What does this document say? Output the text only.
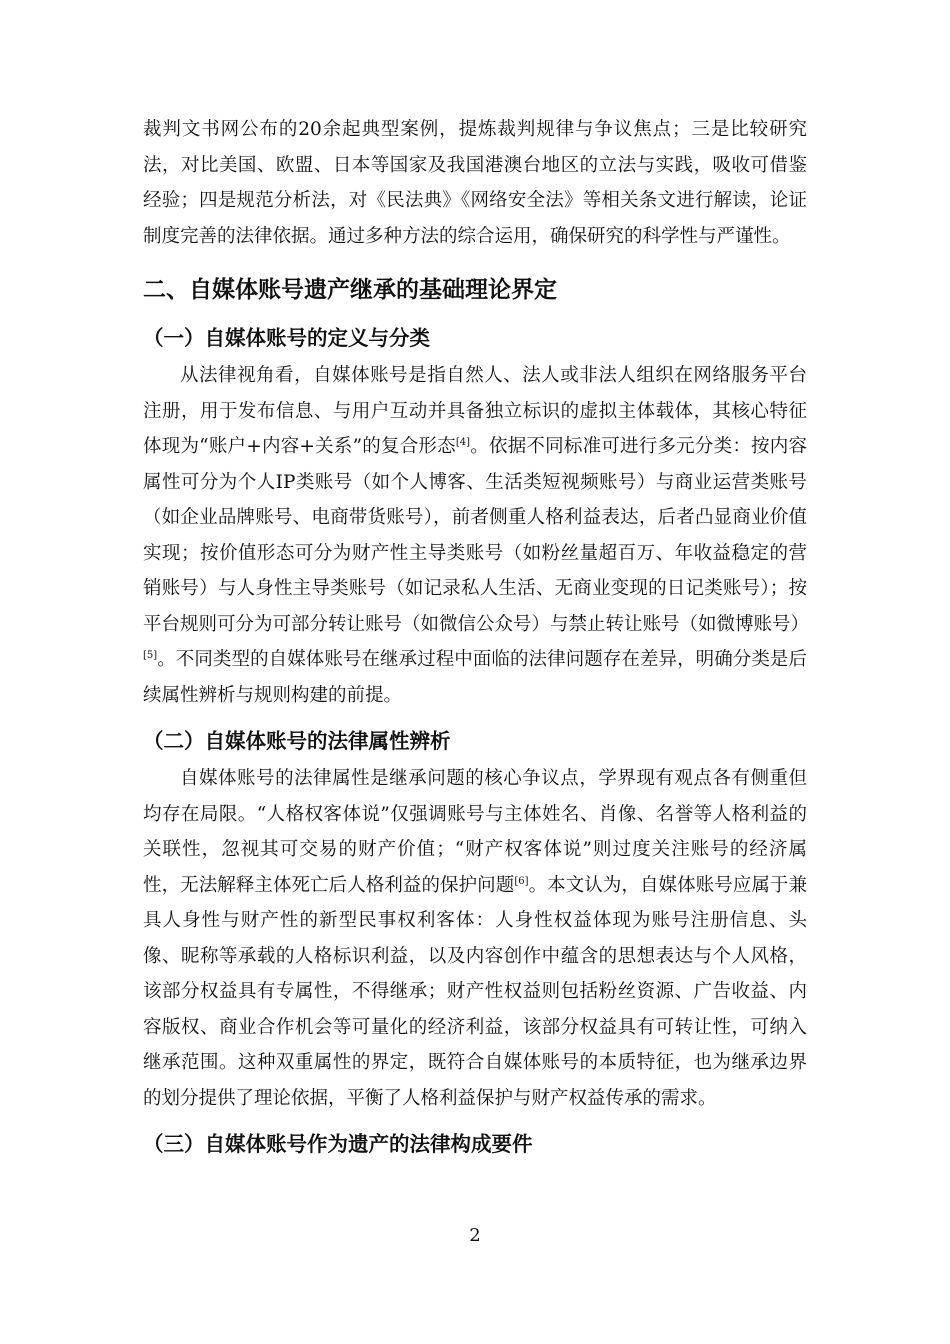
裁判文书网公布的20余起典型案例，提炼裁判规律与争议焦点；三是比较研究法，对比美国、欧盟、日本等国家及我国港澳台地区的立法与实践，吸收可借鉴经验；四是规范分析法，对《民法典》《网络安全法》等相关条文进行解读，论证制度完善的法律依据。通过多种方法的综合运用，确保研究的科学性与严谨性。

二、自媒体账号遗产继承的基础理论界定
（一）自媒体账号的定义与分类

从法律视角看，自媒体账号是指自然人、法人或非法人组织在网络服务平台注册，用于发布信息、与用户互动并具备独立标识的虚拟主体载体，其核心特征体现为“账户+内容+关系”的复合形态[4]。依据不同标准可进行多元分类：按内容属性可分为个人IP类账号（如个人博客、生活类短视频账号）与商业运营类账号（如企业品牌账号、电商带货账号），前者侧重人格利益表达，后者凸显商业价值实现；按价值形态可分为财产性主导类账号（如粉丝量超百万、年收益稳定的营销账号）与人身性主导类账号（如记录私人生活、无商业变现的日记类账号）；按平台规则可分为可部分转让账号（如微信公众号）与禁止转让账号（如微博账号）[5]。不同类型的自媒体账号在继承过程中面临的法律问题存在差异，明确分类是后续属性辨析与规则构建的前提。

（二）自媒体账号的法律属性辨析

自媒体账号的法律属性是继承问题的核心争议点，学界现有观点各有侧重但均存在局限。“人格权客体说”仅强调账号与主体姓名、肖像、名誉等人格利益的关联性，忽视其可交易的财产价值；“财产权客体说”则过度关注账号的经济属性，无法解释主体死亡后人格利益的保护问题[6]。本文认为，自媒体账号应属于兼具人身性与财产性的新型民事权利客体：人身性权益体现为账号注册信息、头像、昵称等承载的人格标识利益，以及内容创作中蕴含的思想表达与个人风格，该部分权益具有专属性，不得继承；财产性权益则包括粉丝资源、广告收益、内容版权、商业合作机会等可量化的经济利益，该部分权益具有可转让性，可纳入继承范围。这种双重属性的界定，既符合自媒体账号的本质特征，也为继承边界的划分提供了理论依据，平衡了人格利益保护与财产权益传承的需求。

（三）自媒体账号作为遗产的法律构成要件
2
